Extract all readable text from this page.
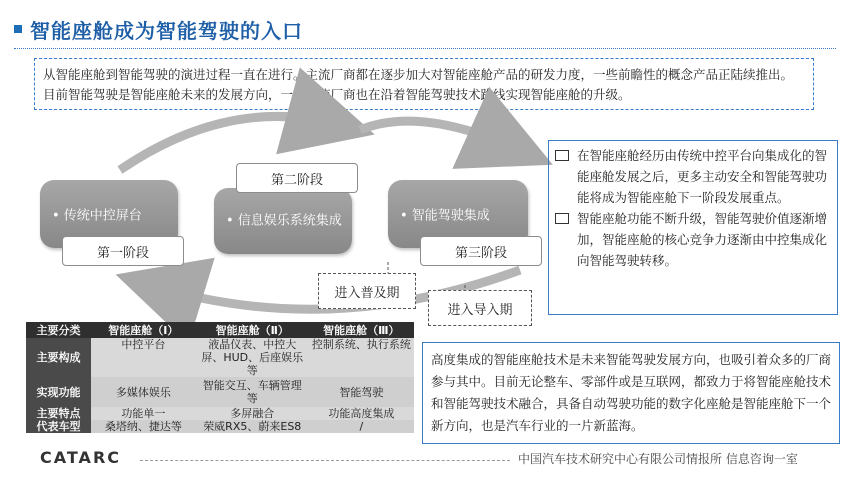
智能座舱成为智能驾驶的入口
从智能座舱到智能驾驶的演进过程一直在进行。主流厂商都在逐步加大对智能座舱产品的研发力度，一些前瞻性的概念产品正陆续推出。目前智能驾驶是智能座舱未来的发展方向，一些主流厂商也在沿着智能驾驶技术路线实现智能座舱的升级。
• 传统中控屏台
第一阶段
• 信息娱乐系统集成
第二阶段
• 智能驾驶集成
第三阶段
进入普及期
进入导入期
在智能座舱经历由传统中控平台向集成化的智能座舱发展之后，更多主动安全和智能驾驶功能将成为智能座舱下一阶段发展重点。
智能座舱功能不断升级，智能驾驶价值逐渐增加，智能座舱的核心竞争力逐渐由中控集成化向智能驾驶转移。
主要分类	智能座舱（Ⅰ）	智能座舱（Ⅱ）	智能座舱（Ⅲ）
主要构成	中控平台	液晶仪表、中控大屏、HUD、后座娱乐等	控制系统、执行系统
实现功能	多媒体娱乐	智能交互、车辆管理等	智能驾驶
主要特点	功能单一	多屏融合	功能高度集成
代表车型	桑塔纳、捷达等	荣威RX5、蔚来ES8	/
高度集成的智能座舱技术是未来智能驾驶发展方向，也吸引着众多的厂商参与其中。目前无论整车、零部件或是互联网，都致力于将智能座舱技术和智能驾驶技术融合，具备自动驾驶功能的数字化座舱是智能座舱下一个新方向，也是汽车行业的一片新蓝海。
CATARC	中国汽车技术研究中心有限公司情报所 信息咨询一室
